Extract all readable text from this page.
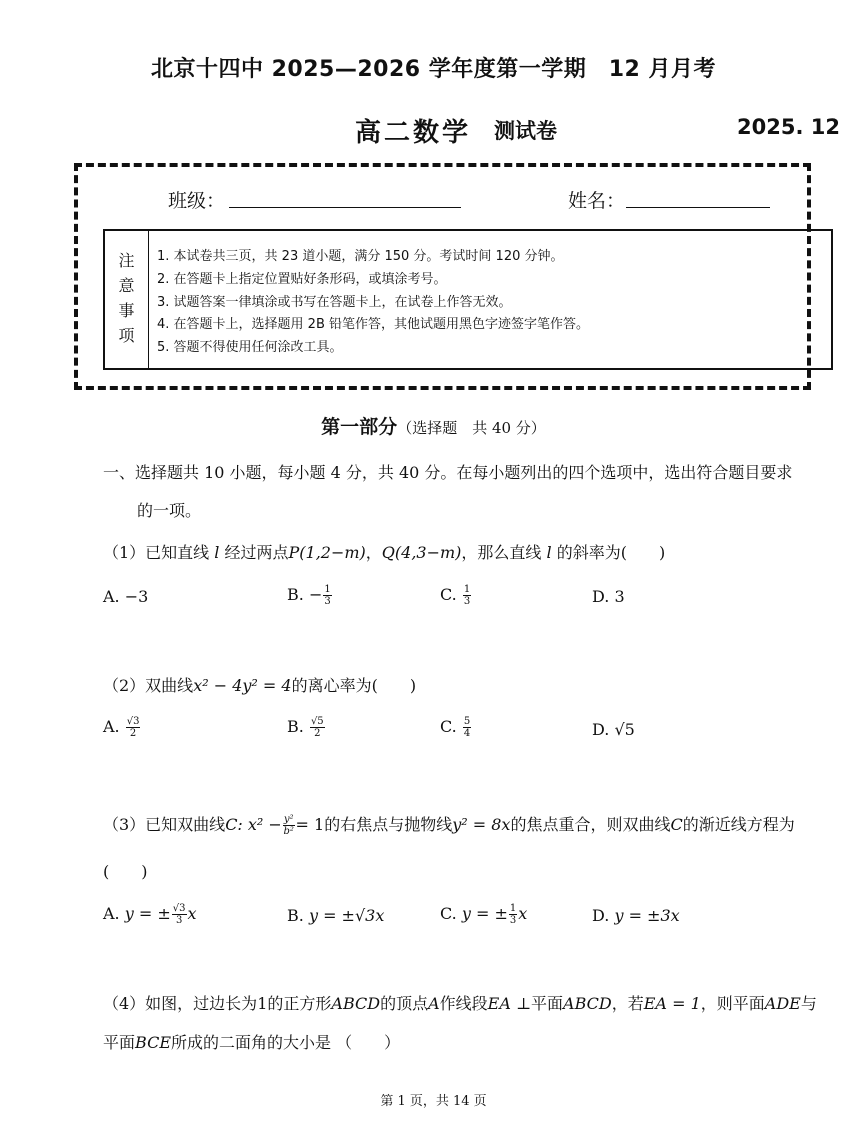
北京十四中 2025—2026 学年度第一学期　12 月月考
高二数学 测试卷	2025. 12
班级：	姓名：
注
意
事
项
1. 本试卷共三页，共 23 道小题，满分 150 分。考试时间 120 分钟。
2. 在答题卡上指定位置贴好条形码，或填涂考号。
3. 试题答案一律填涂或书写在答题卡上，在试卷上作答无效。
4. 在答题卡上，选择题用 2B 铅笔作答，其他试题用黑色字迹签字笔作答。
5. 答题不得使用任何涂改工具。
第一部分（选择题　共 40 分）
一、选择题共 10 小题，每小题 4 分，共 40 分。在每小题列出的四个选项中，选出符合题目要求
的一项。
（1）已知直线 l 经过两点P(1,2−m)，Q(4,3−m)，那么直线 l 的斜率为(　　)
A. −3	B. − $\frac{1}{3}$	C. $\frac{1}{3}$	D. 3
（2）双曲线x² − 4y² = 4的离心率为(　　)
A. $\frac{√3}{2}$	B. $\frac{√5}{2}$	C. $\frac{5}{4}$	D. √5
（3）已知双曲线C: $x^2 - \frac{\text{y²}}{\text{b²}} = 1$的右焦点与抛物线y² = 8x的焦点重合，则双曲线C的渐近线方程为
(　　)
A. y = ± $\frac{√3}{3}$ x	B. y = ±√3x	C. y = ± $\frac{1}{3}$ x	D. y = ±3x
（4）如图，过边长为1的正方形ABCD的顶点A作线段EA ⊥平面ABCD，若EA = 1，则平面ADE与
平面BCE所成的二面角的大小是 （　　）
第 1 页，共 14 页
